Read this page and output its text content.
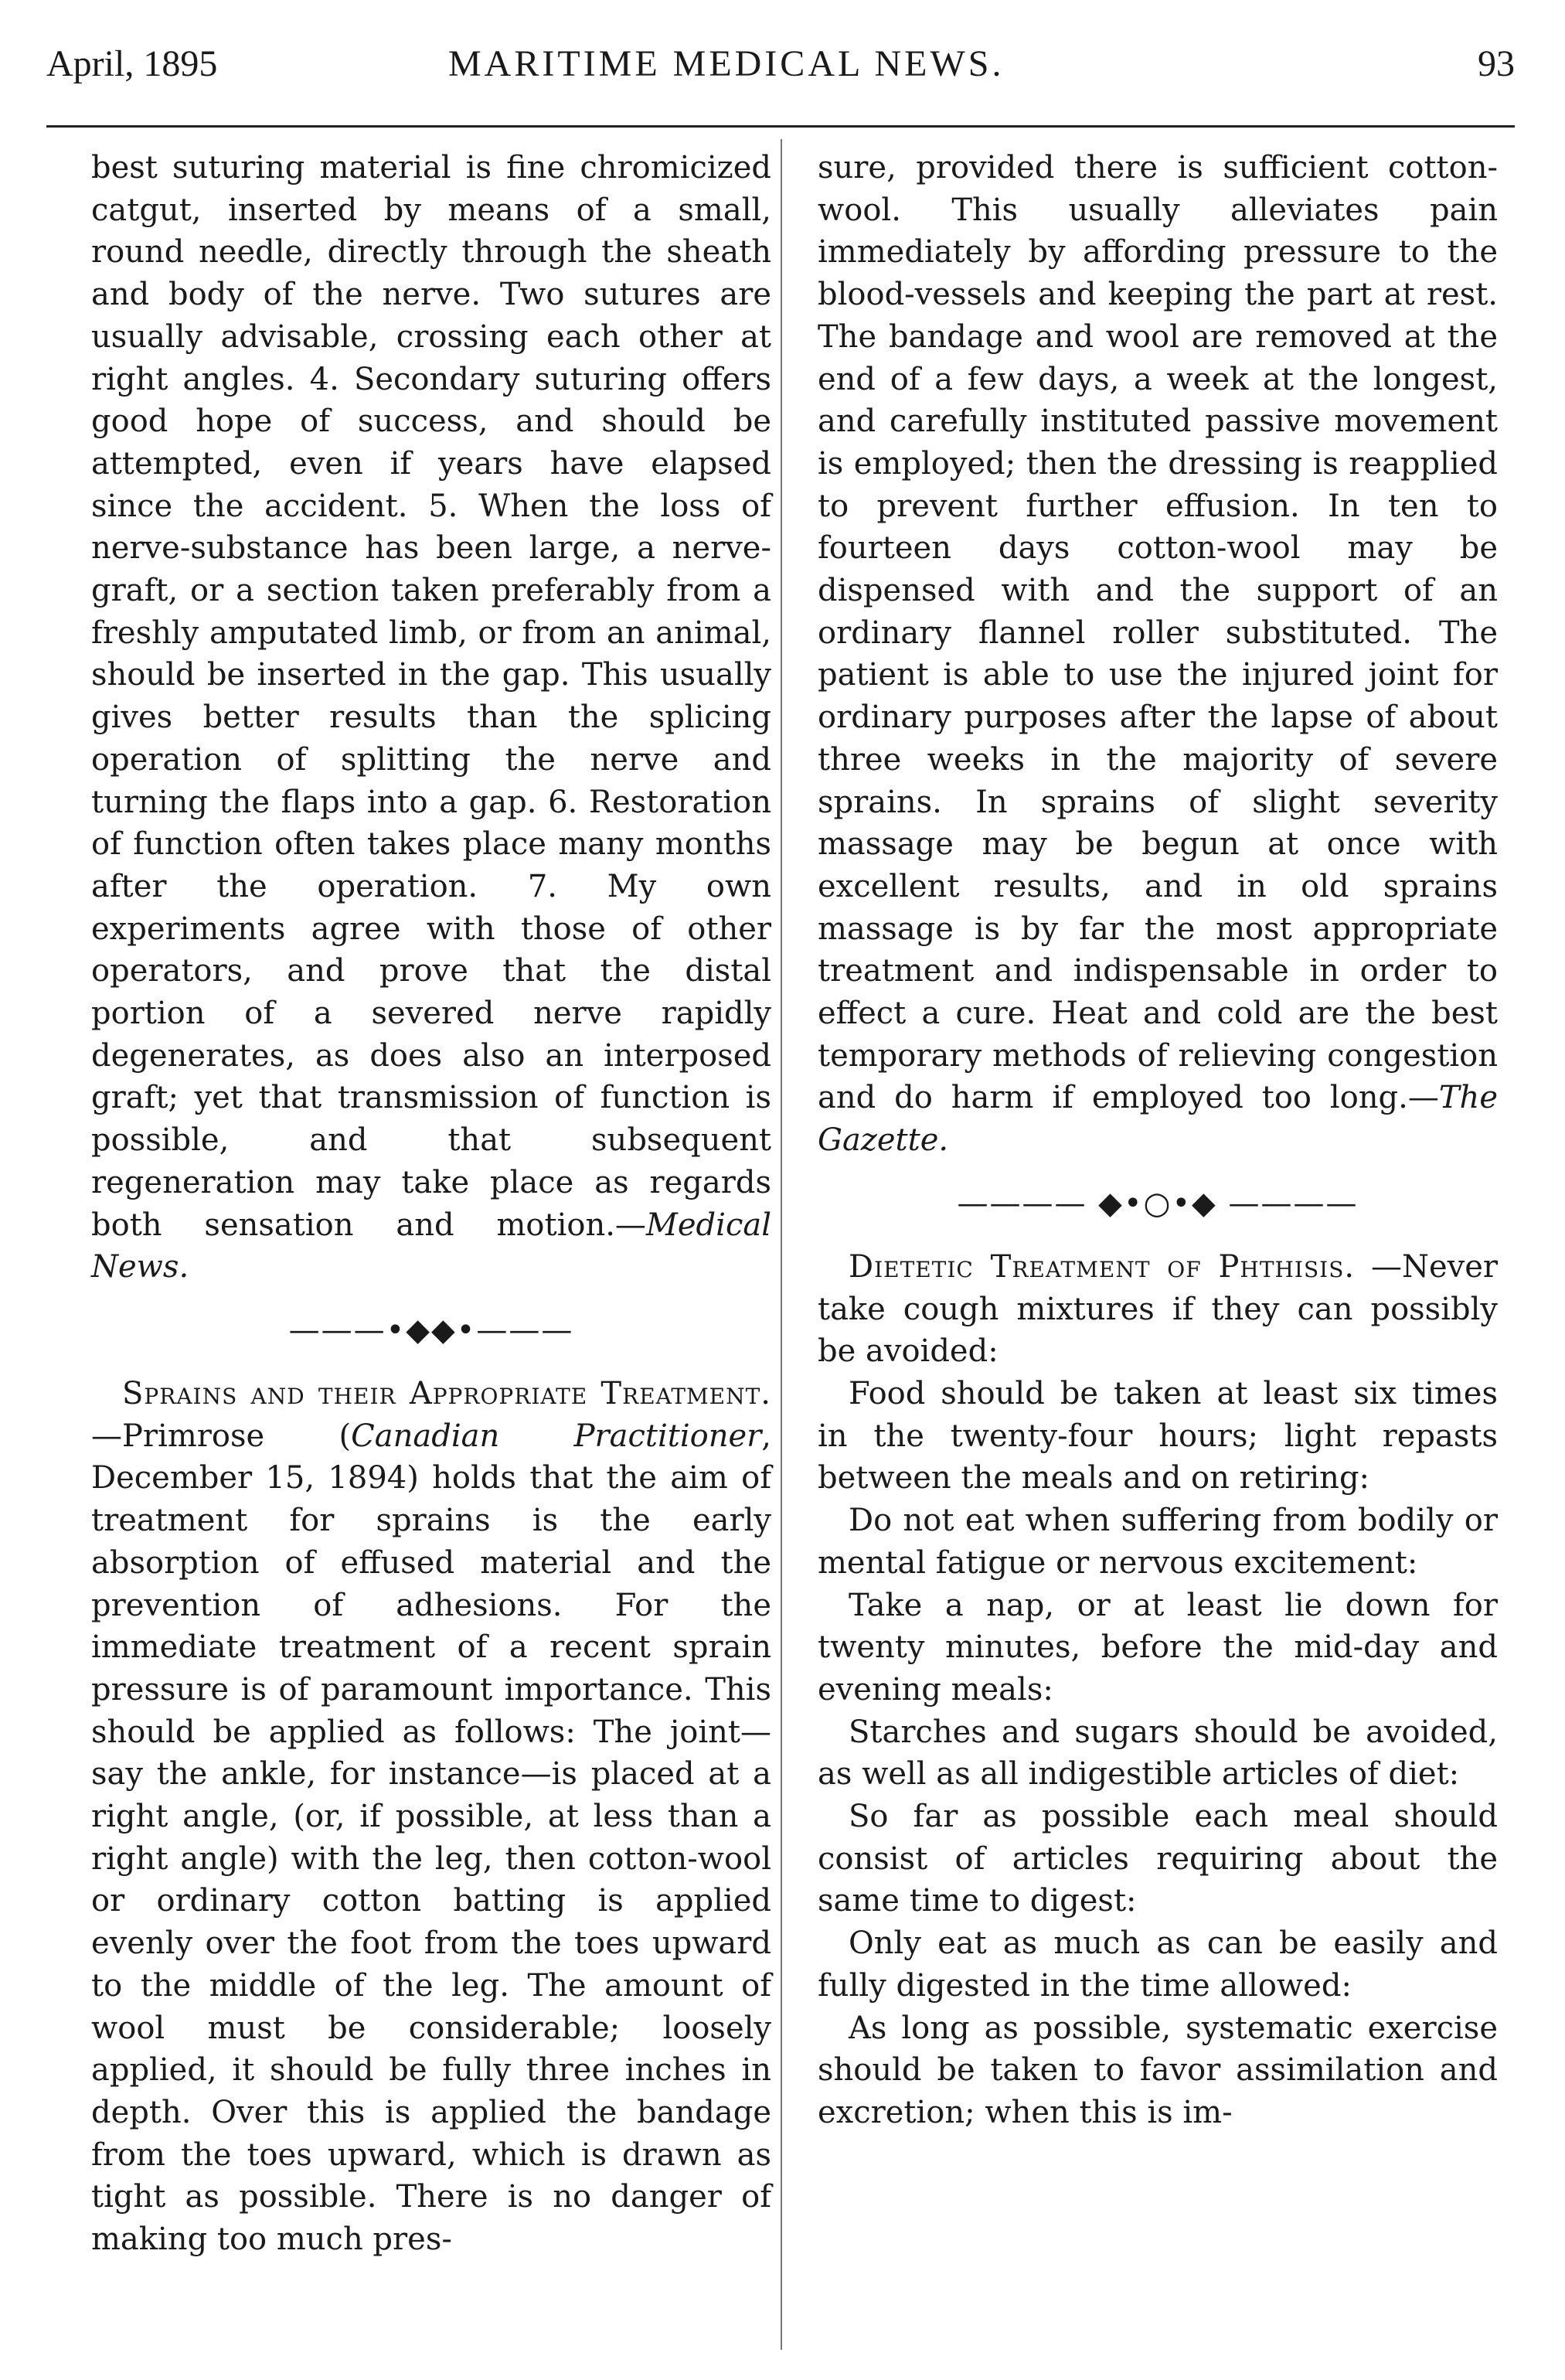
April, 1895	MARITIME MEDICAL NEWS.	93

best suturing material is fine chromicized catgut, inserted by means of a small, round needle, directly through the sheath and body of the nerve. Two sutures are usually advisable, crossing each other at right angles. 4. Secondary suturing offers good hope of success, and should be attempted, even if years have elapsed since the accident. 5. When the loss of nerve-substance has been large, a nerve-graft, or a section taken preferably from a freshly amputated limb, or from an animal, should be inserted in the gap. This usually gives better results than the splicing operation of splitting the nerve and turning the flaps into a gap. 6. Restoration of function often takes place many months after the operation. 7. My own experiments agree with those of other operators, and prove that the distal portion of a severed nerve rapidly degenerates, as does also an interposed graft; yet that transmission of function is possible, and that subsequent regeneration may take place as regards both sensation and motion.—Medical News.

———•◆◆•———

Sprains and their Appropriate Treatment.—Primrose (Canadian Practitioner, December 15, 1894) holds that the aim of treatment for sprains is the early absorption of effused material and the prevention of adhesions. For the immediate treatment of a recent sprain pressure is of paramount importance. This should be applied as follows: The joint—say the ankle, for instance—is placed at a right angle, (or, if possible, at less than a right angle) with the leg, then cotton-wool or ordinary cotton batting is applied evenly over the foot from the toes upward to the middle of the leg. The amount of wool must be considerable; loosely applied, it should be fully three inches in depth. Over this is applied the bandage from the toes upward, which is drawn as tight as possible. There is no danger of making too much pres-

sure, provided there is sufficient cotton-wool. This usually alleviates pain immediately by affording pressure to the blood-vessels and keeping the part at rest. The bandage and wool are removed at the end of a few days, a week at the longest, and carefully instituted passive movement is employed; then the dressing is reapplied to prevent further effusion. In ten to fourteen days cotton-wool may be dispensed with and the support of an ordinary flannel roller substituted. The patient is able to use the injured joint for ordinary purposes after the lapse of about three weeks in the majority of severe sprains. In sprains of slight severity massage may be begun at once with excellent results, and in old sprains massage is by far the most appropriate treatment and indispensable in order to effect a cure. Heat and cold are the best temporary methods of relieving congestion and do harm if employed too long.—The Gazette.

———— ◆•○•◆ ————

Dietetic Treatment of Phthisis. —Never take cough mixtures if they can possibly be avoided:

Food should be taken at least six times in the twenty-four hours; light repasts between the meals and on retiring:

Do not eat when suffering from bodily or mental fatigue or nervous excitement:

Take a nap, or at least lie down for twenty minutes, before the mid-day and evening meals:

Starches and sugars should be avoided, as well as all indigestible articles of diet:

So far as possible each meal should consist of articles requiring about the same time to digest:

Only eat as much as can be easily and fully digested in the time allowed:

As long as possible, systematic exercise should be taken to favor assimilation and excretion; when this is im-
